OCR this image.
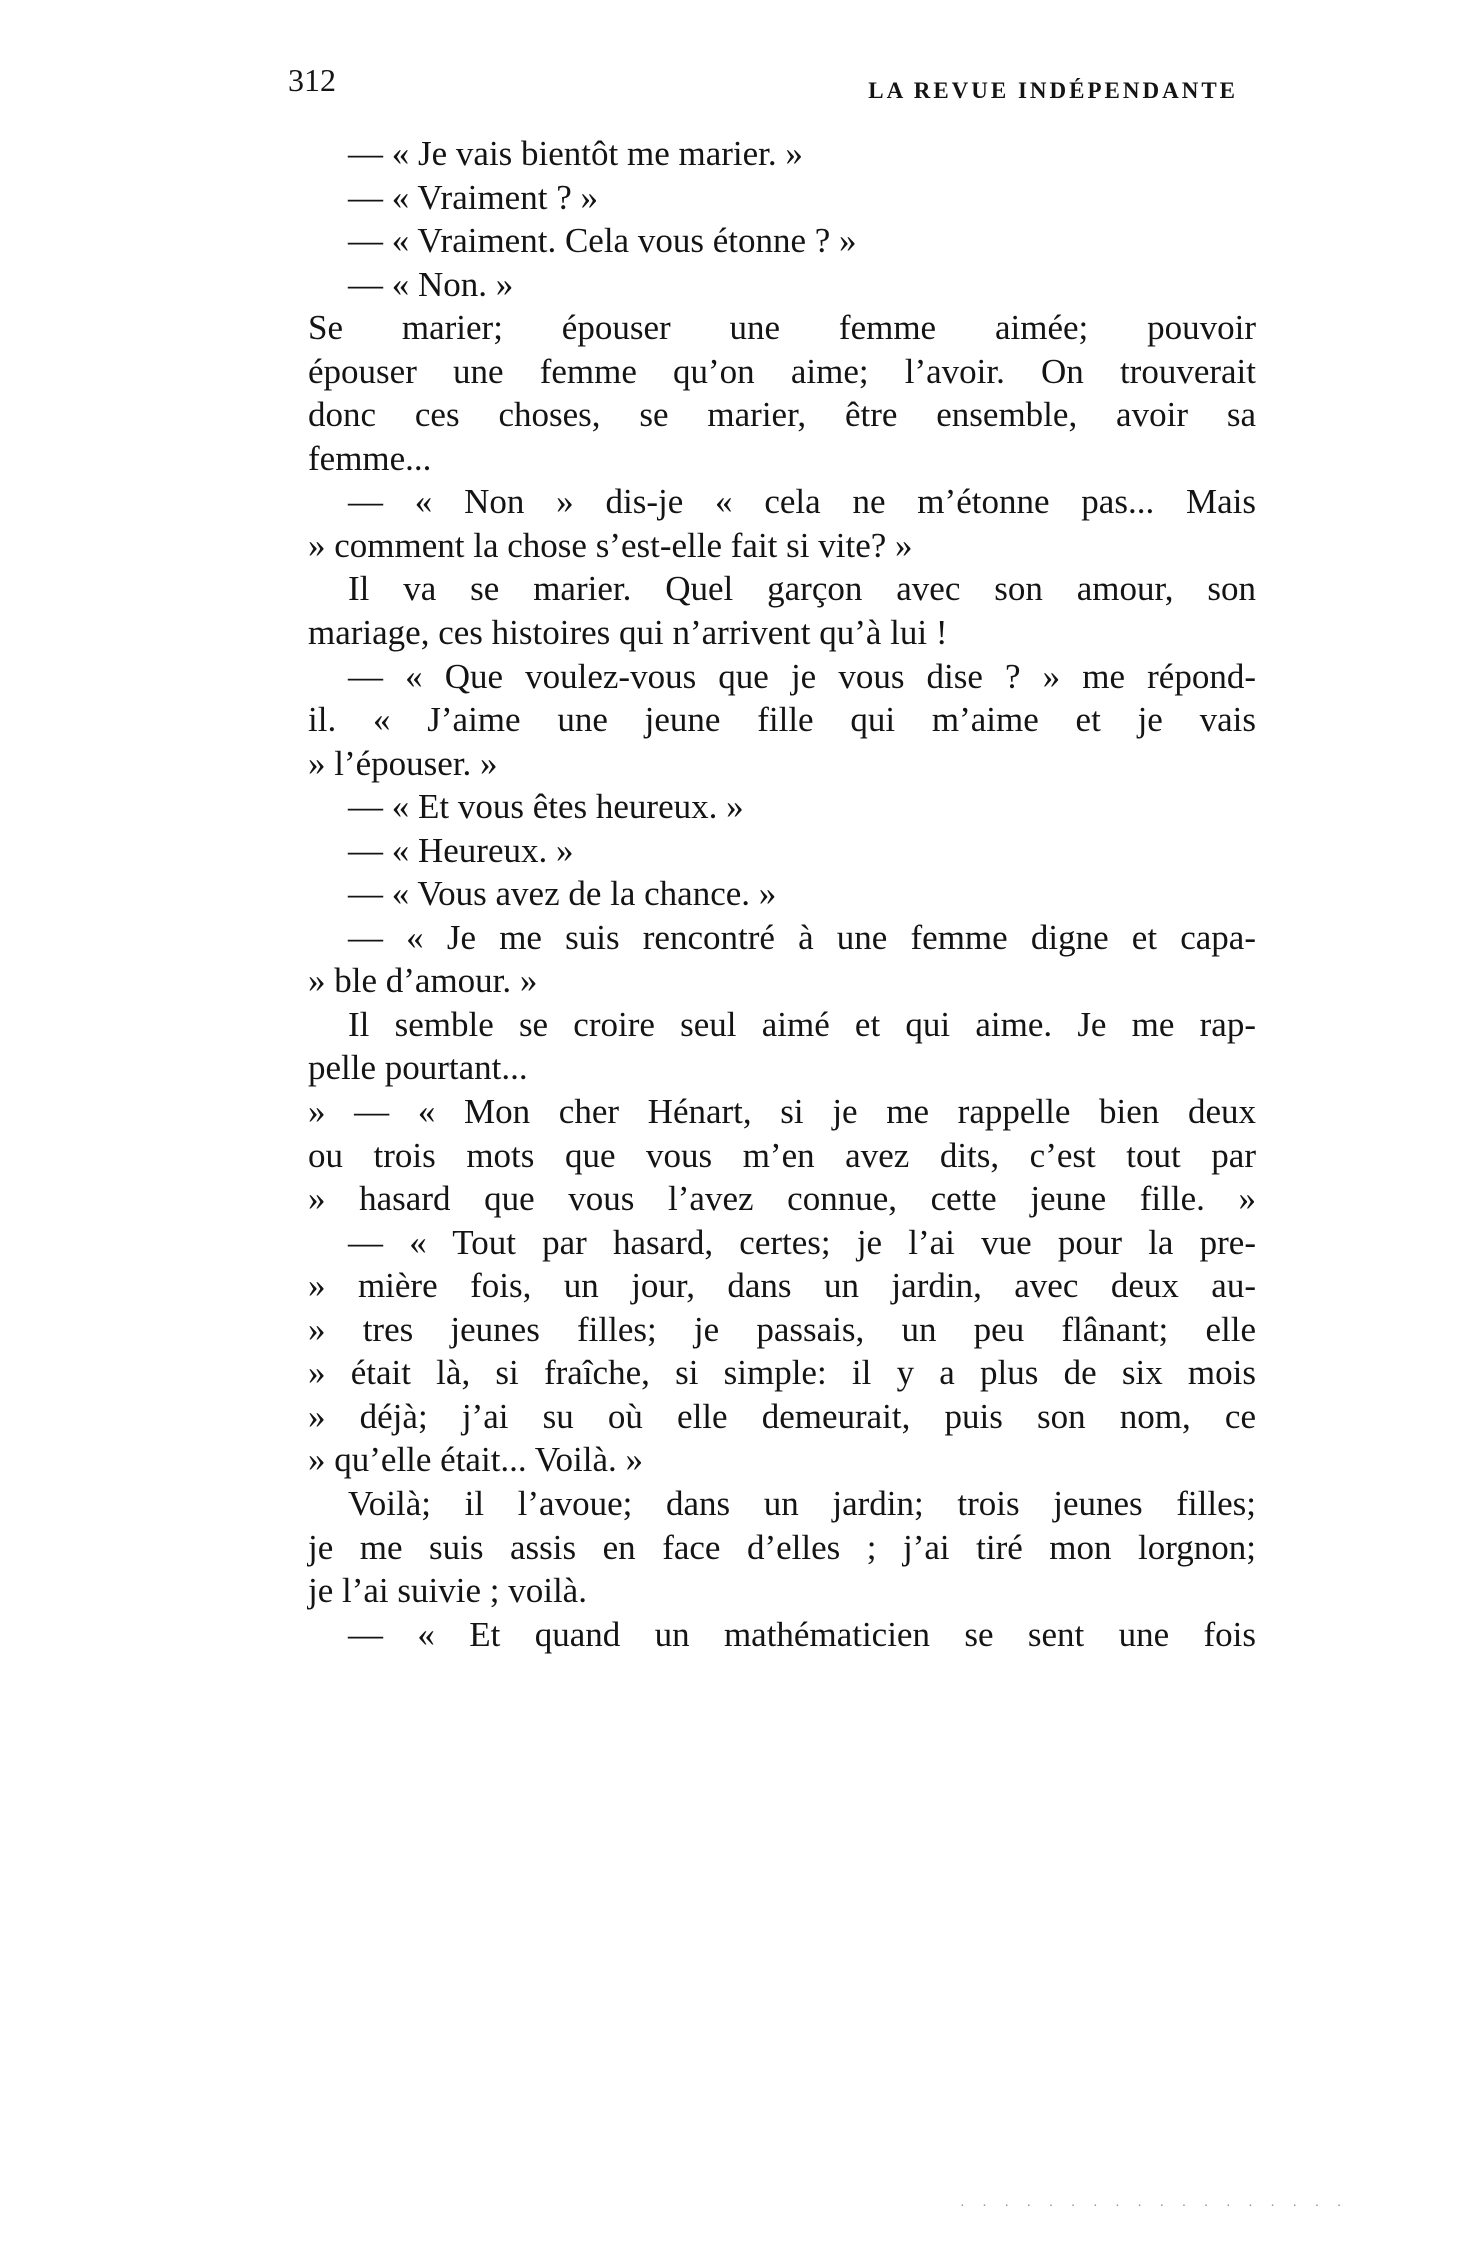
312	LA REVUE INDÉPENDANTE
— « Je vais bientôt me marier. »
— « Vraiment ? »
— « Vraiment. Cela vous étonne ? »
— « Non. »
Se marier; épouser une femme aimée; pouvoir
épouser une femme qu’on aime; l’avoir. On trouverait
donc ces choses, se marier, être ensemble, avoir sa
femme...
— « Non » dis-je « cela ne m’étonne pas... Mais
» comment la chose s’est-elle fait si vite? »
Il va se marier. Quel garçon avec son amour, son
mariage, ces histoires qui n’arrivent qu’à lui !
— « Que voulez-vous que je vous dise ? » me répond-
il. « J’aime une jeune fille qui m’aime et je vais
» l’épouser. »
— « Et vous êtes heureux. »
— « Heureux. »
— « Vous avez de la chance. »
— « Je me suis rencontré à une femme digne et capa-
» ble d’amour. »
Il semble se croire seul aimé et qui aime. Je me rap-
pelle pourtant...
» — « Mon cher Hénart, si je me rappelle bien deux
ou trois mots que vous m’en avez dits, c’est tout par
» hasard que vous l’avez connue, cette jeune fille. »
— « Tout par hasard, certes; je l’ai vue pour la pre-
» mière fois, un jour, dans un jardin, avec deux au-
» tres jeunes filles; je passais, un peu flânant; elle
» était là, si fraîche, si simple: il y a plus de six mois
» déjà; j’ai su où elle demeurait, puis son nom, ce
» qu’elle était... Voilà. »
Voilà; il l’avoue; dans un jardin; trois jeunes filles;
je me suis assis en face d’elles ; j’ai tiré mon lorgnon;
je l’ai suivie ; voilà.
— « Et quand un mathématicien se sent une fois
· · · · · · · · · · · · · · · · · ·
